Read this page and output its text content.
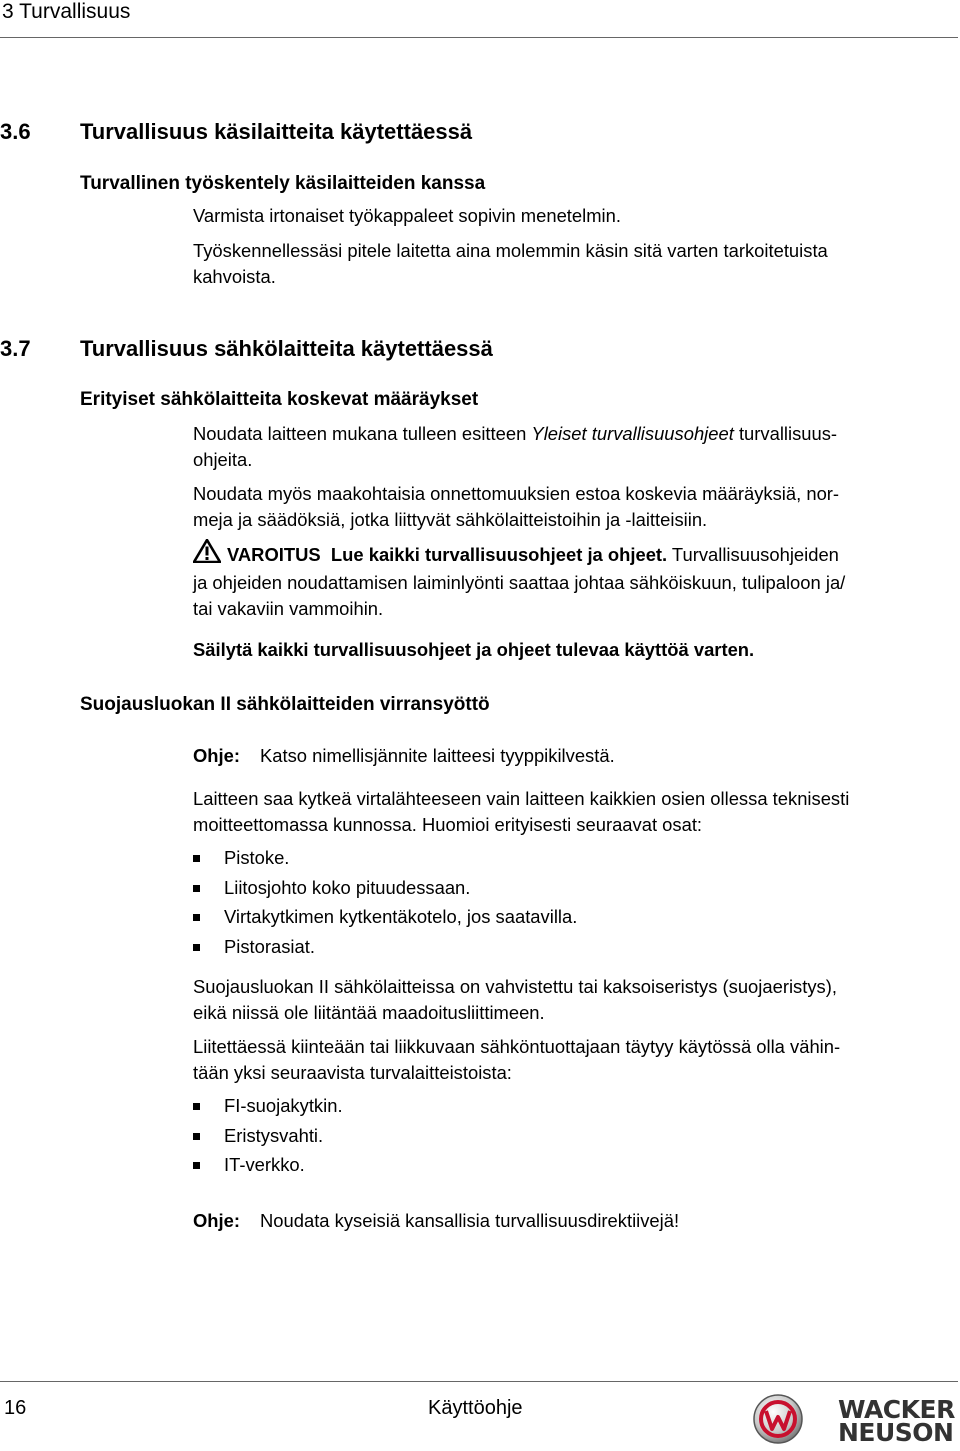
3 Turvallisuus
3.6 Turvallisuus käsilaitteita käytettäessä
Turvallinen työskentely käsilaitteiden kanssa
Varmista irtonaiset työkappaleet sopivin menetelmin.
Työskennellessäsi pitele laitetta aina molemmin käsin sitä varten tarkoitetuista
kahvoista.
3.7 Turvallisuus sähkölaitteita käytettäessä
Erityiset sähkölaitteita koskevat määräykset
Noudata laitteen mukana tulleen esitteen Yleiset turvallisuusohjeet turvallisuus-
ohjeita.
Noudata myös maakohtaisia onnettomuuksien estoa koskevia määräyksiä, nor-
meja ja säädöksiä, jotka liittyvät sähkölaitteistoihin ja -laitteisiin.
VAROITUS Lue kaikki turvallisuusohjeet ja ohjeet. Turvallisuusohjeiden
ja ohjeiden noudattamisen laiminlyönti saattaa johtaa sähköiskuun, tulipaloon ja/
tai vakaviin vammoihin.
Säilytä kaikki turvallisuusohjeet ja ohjeet tulevaa käyttöä varten.
Suojausluokan II sähkölaitteiden virransyöttö
Ohje: Katso nimellisjännite laitteesi tyyppikilvestä.
Laitteen saa kytkeä virtalähteeseen vain laitteen kaikkien osien ollessa teknisesti
moitteettomassa kunnossa. Huomioi erityisesti seuraavat osat:
Pistoke.
Liitosjohto koko pituudessaan.
Virtakytkimen kytkentäkotelo, jos saatavilla.
Pistorasiat.
Suojausluokan II sähkölaitteissa on vahvistettu tai kaksoiseristys (suojaeristys),
eikä niissä ole liitäntää maadoitusliittimeen.
Liitettäessä kiinteään tai liikkuvaan sähköntuottajaan täytyy käytössä olla vähin-
tään yksi seuraavista turvalaitteistoista:
FI-suojakytkin.
Eristysvahti.
IT-verkko.
Ohje: Noudata kyseisiä kansallisia turvallisuusdirektiivejä!
16	Käyttöohje	WACKER
NEUSON
